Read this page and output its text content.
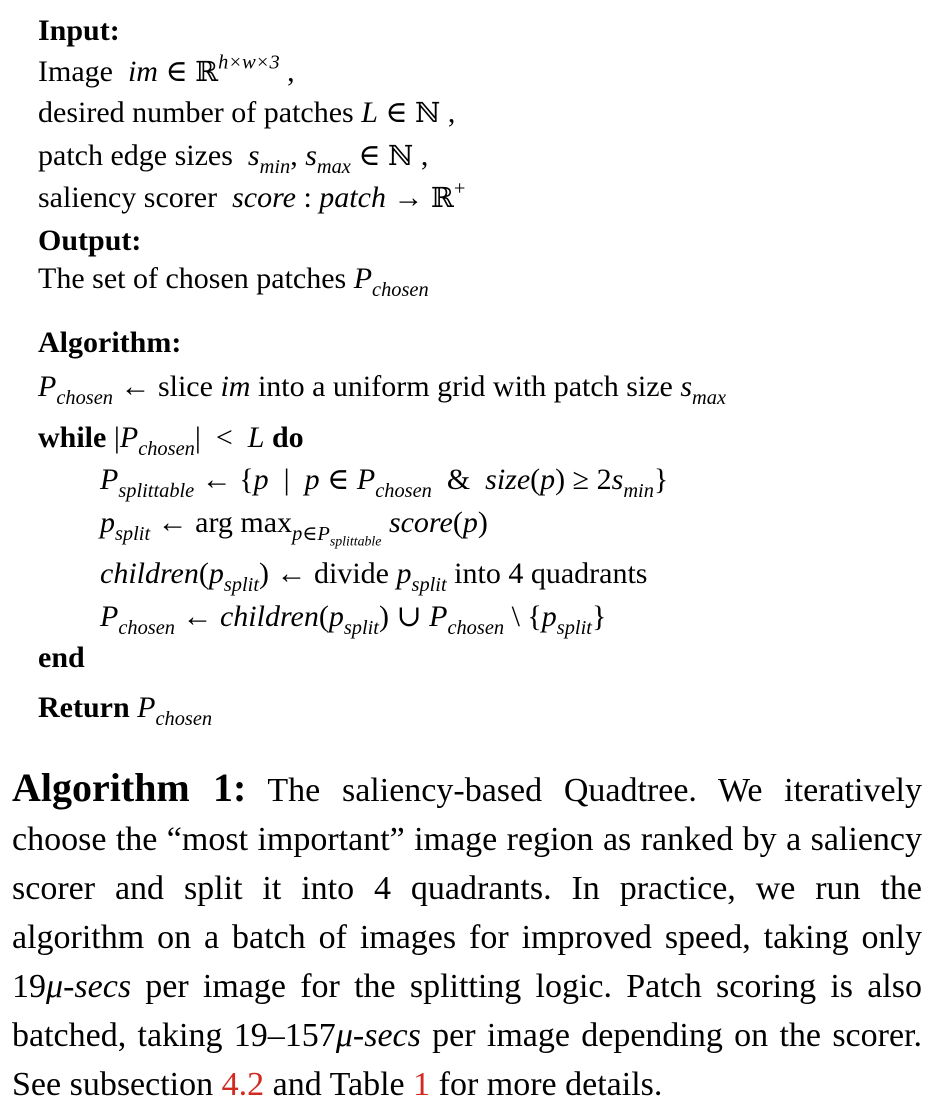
Input:
Image im ∈ ℝ$^{h\times w\times 3}$ ,
desired number of patches L ∈ ℕ ,
patch edge sizes $s_{min}$, $s_{max}$ ∈ ℕ ,
saliency scorer score : patch → ℝ+
Output:
The set of chosen patches $P_{chosen}$
Algorithm:
$P_{chosen}$ ← slice im into a uniform grid with patch size $s_{max}$
while $|P_{chosen}| < L$ do
$P_{splittable}$ ← {p  |  p ∈ $P_{chosen}$  &  size(p) ≥ $2s_{min}$}
$p_{split}$ ← arg $\max_{p\in P_{splittable}}$ score(p)
$children(p_{split})$ ← divide $p_{split}$ into 4 quadrants
$P_{chosen}$ ← $children(p_{split})$ ∪ $P_{chosen}$ \ $\{p_{split}\}$
end
Return $P_{chosen}$
Algorithm 1: The saliency-based Quadtree. We iteratively choose the “most important” image region as ranked by a saliency scorer and split it into 4 quadrants. In practice, we run the algorithm on a batch of images for improved speed, taking only 19μ-secs per image for the splitting logic. Patch scoring is also batched, taking 19–157μ-secs per image depending on the scorer. See subsection 4.2 and Table 1 for more details.
